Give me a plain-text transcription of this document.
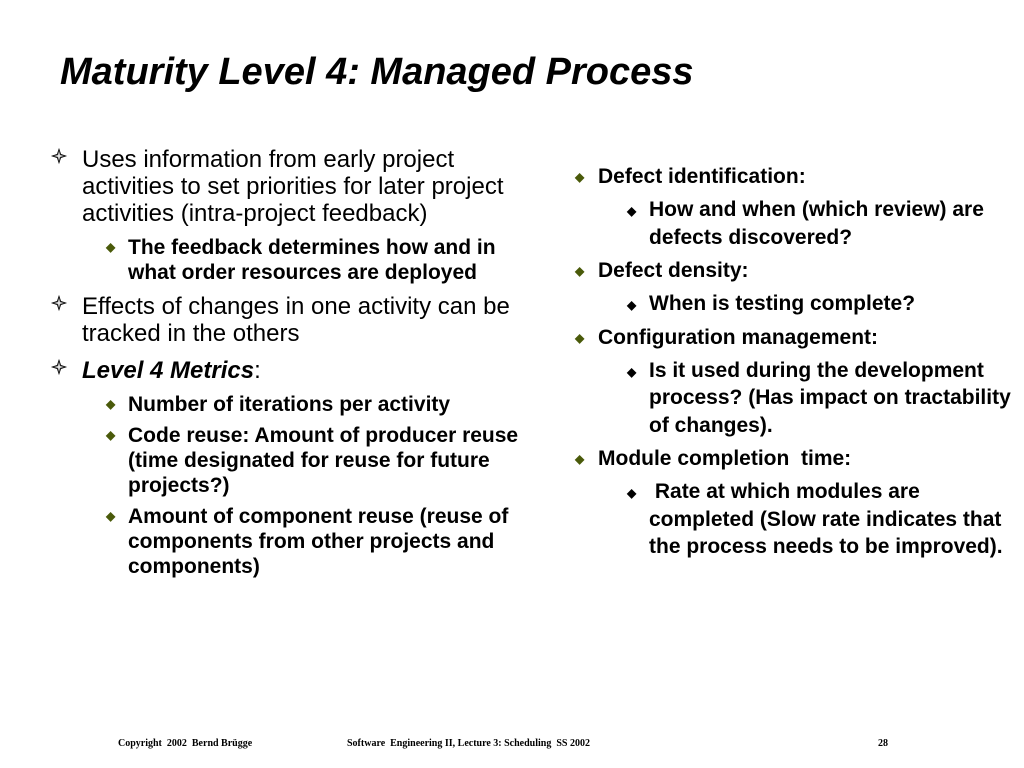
Maturity Level 4: Managed Process
Uses information from early project activities to set priorities for later project activities (intra-project feedback)
◆ The feedback determines how and in what order resources are deployed
Effects of changes in one activity can be tracked in the others
Level 4 Metrics:
◆ Number of iterations per activity
◆ Code reuse: Amount of producer reuse (time designated for reuse for future projects?)
◆ Amount of component reuse (reuse of components from other projects and components)
◆ Defect identification:
◆ How and when (which review) are defects discovered?
◆ Defect density:
◆ When is testing complete?
◆ Configuration management:
◆ Is it used during the development process? (Has impact on tractability of changes).
◆ Module completion  time:
◆ Rate at which modules are completed (Slow rate indicates that the process needs to be improved).
Copyright  2002  Bernd Brügge	Software  Engineering II, Lecture 3: Scheduling  SS 2002	28
